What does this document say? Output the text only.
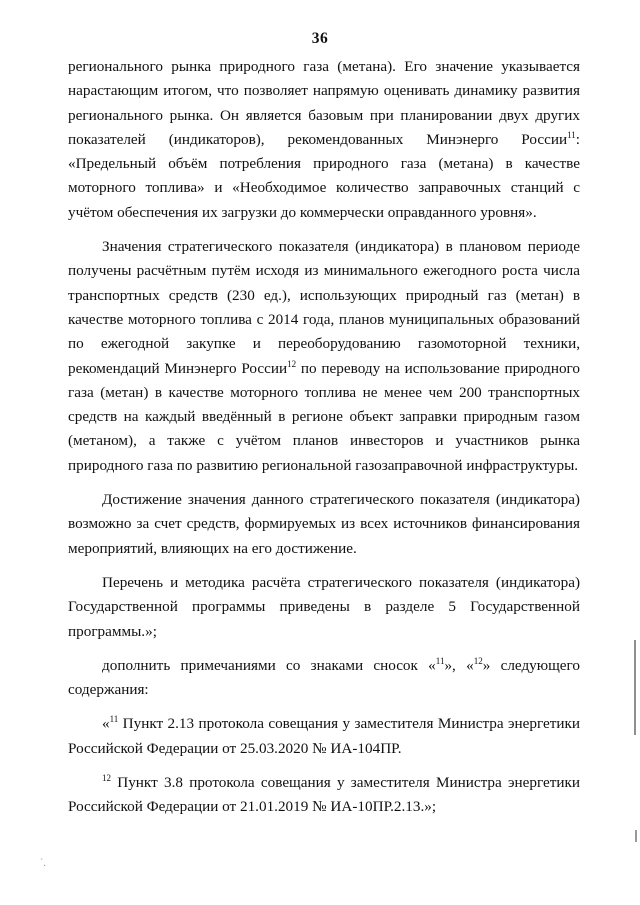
36

регионального рынка природного газа (метана). Его значение указывается нарастающим итогом, что позволяет напрямую оценивать динамику развития регионального рынка. Он является базовым при планировании двух других показателей (индикаторов), рекомендованных Минэнерго России$^{11}$: «Предельный объём потребления природного газа (метана) в качестве моторного топлива» и «Необходимое количество заправочных станций с учётом обеспечения их загрузки до коммерчески оправданного уровня».

Значения стратегического показателя (индикатора) в плановом периоде получены расчётным путём исходя из минимального ежегодного роста числа транспортных средств (230 ед.), использующих природный газ (метан) в качестве моторного топлива с 2014 года, планов муниципальных образований по ежегодной закупке и переоборудованию газомоторной техники, рекомендаций Минэнерго России$^{12}$ по переводу на использование природного газа (метан) в качестве моторного топлива не менее чем 200 транспортных средств на каждый введённый в регионе объект заправки природным газом (метаном), а также с учётом планов инвесторов и участников рынка природного газа по развитию региональной газозаправочной инфраструктуры.

Достижение значения данного стратегического показателя (индикатора) возможно за счет средств, формируемых из всех источников финансирования мероприятий, влияющих на его достижение.

Перечень и методика расчёта стратегического показателя (индикатора) Государственной программы приведены в разделе 5 Государственной программы.»;

дополнить примечаниями со знаками сносок «$^{11}$», «$^{12}$» следующего содержания:

«$^{11}$ Пункт 2.13 протокола совещания у заместителя Министра энергетики Российской Федерации от 25.03.2020 № ИА-104ПР.

$^{12}$ Пункт 3.8 протокола совещания у заместителя Министра энергетики Российской Федерации от 21.01.2019 № ИА-10ПР.2.13.»;

`.
